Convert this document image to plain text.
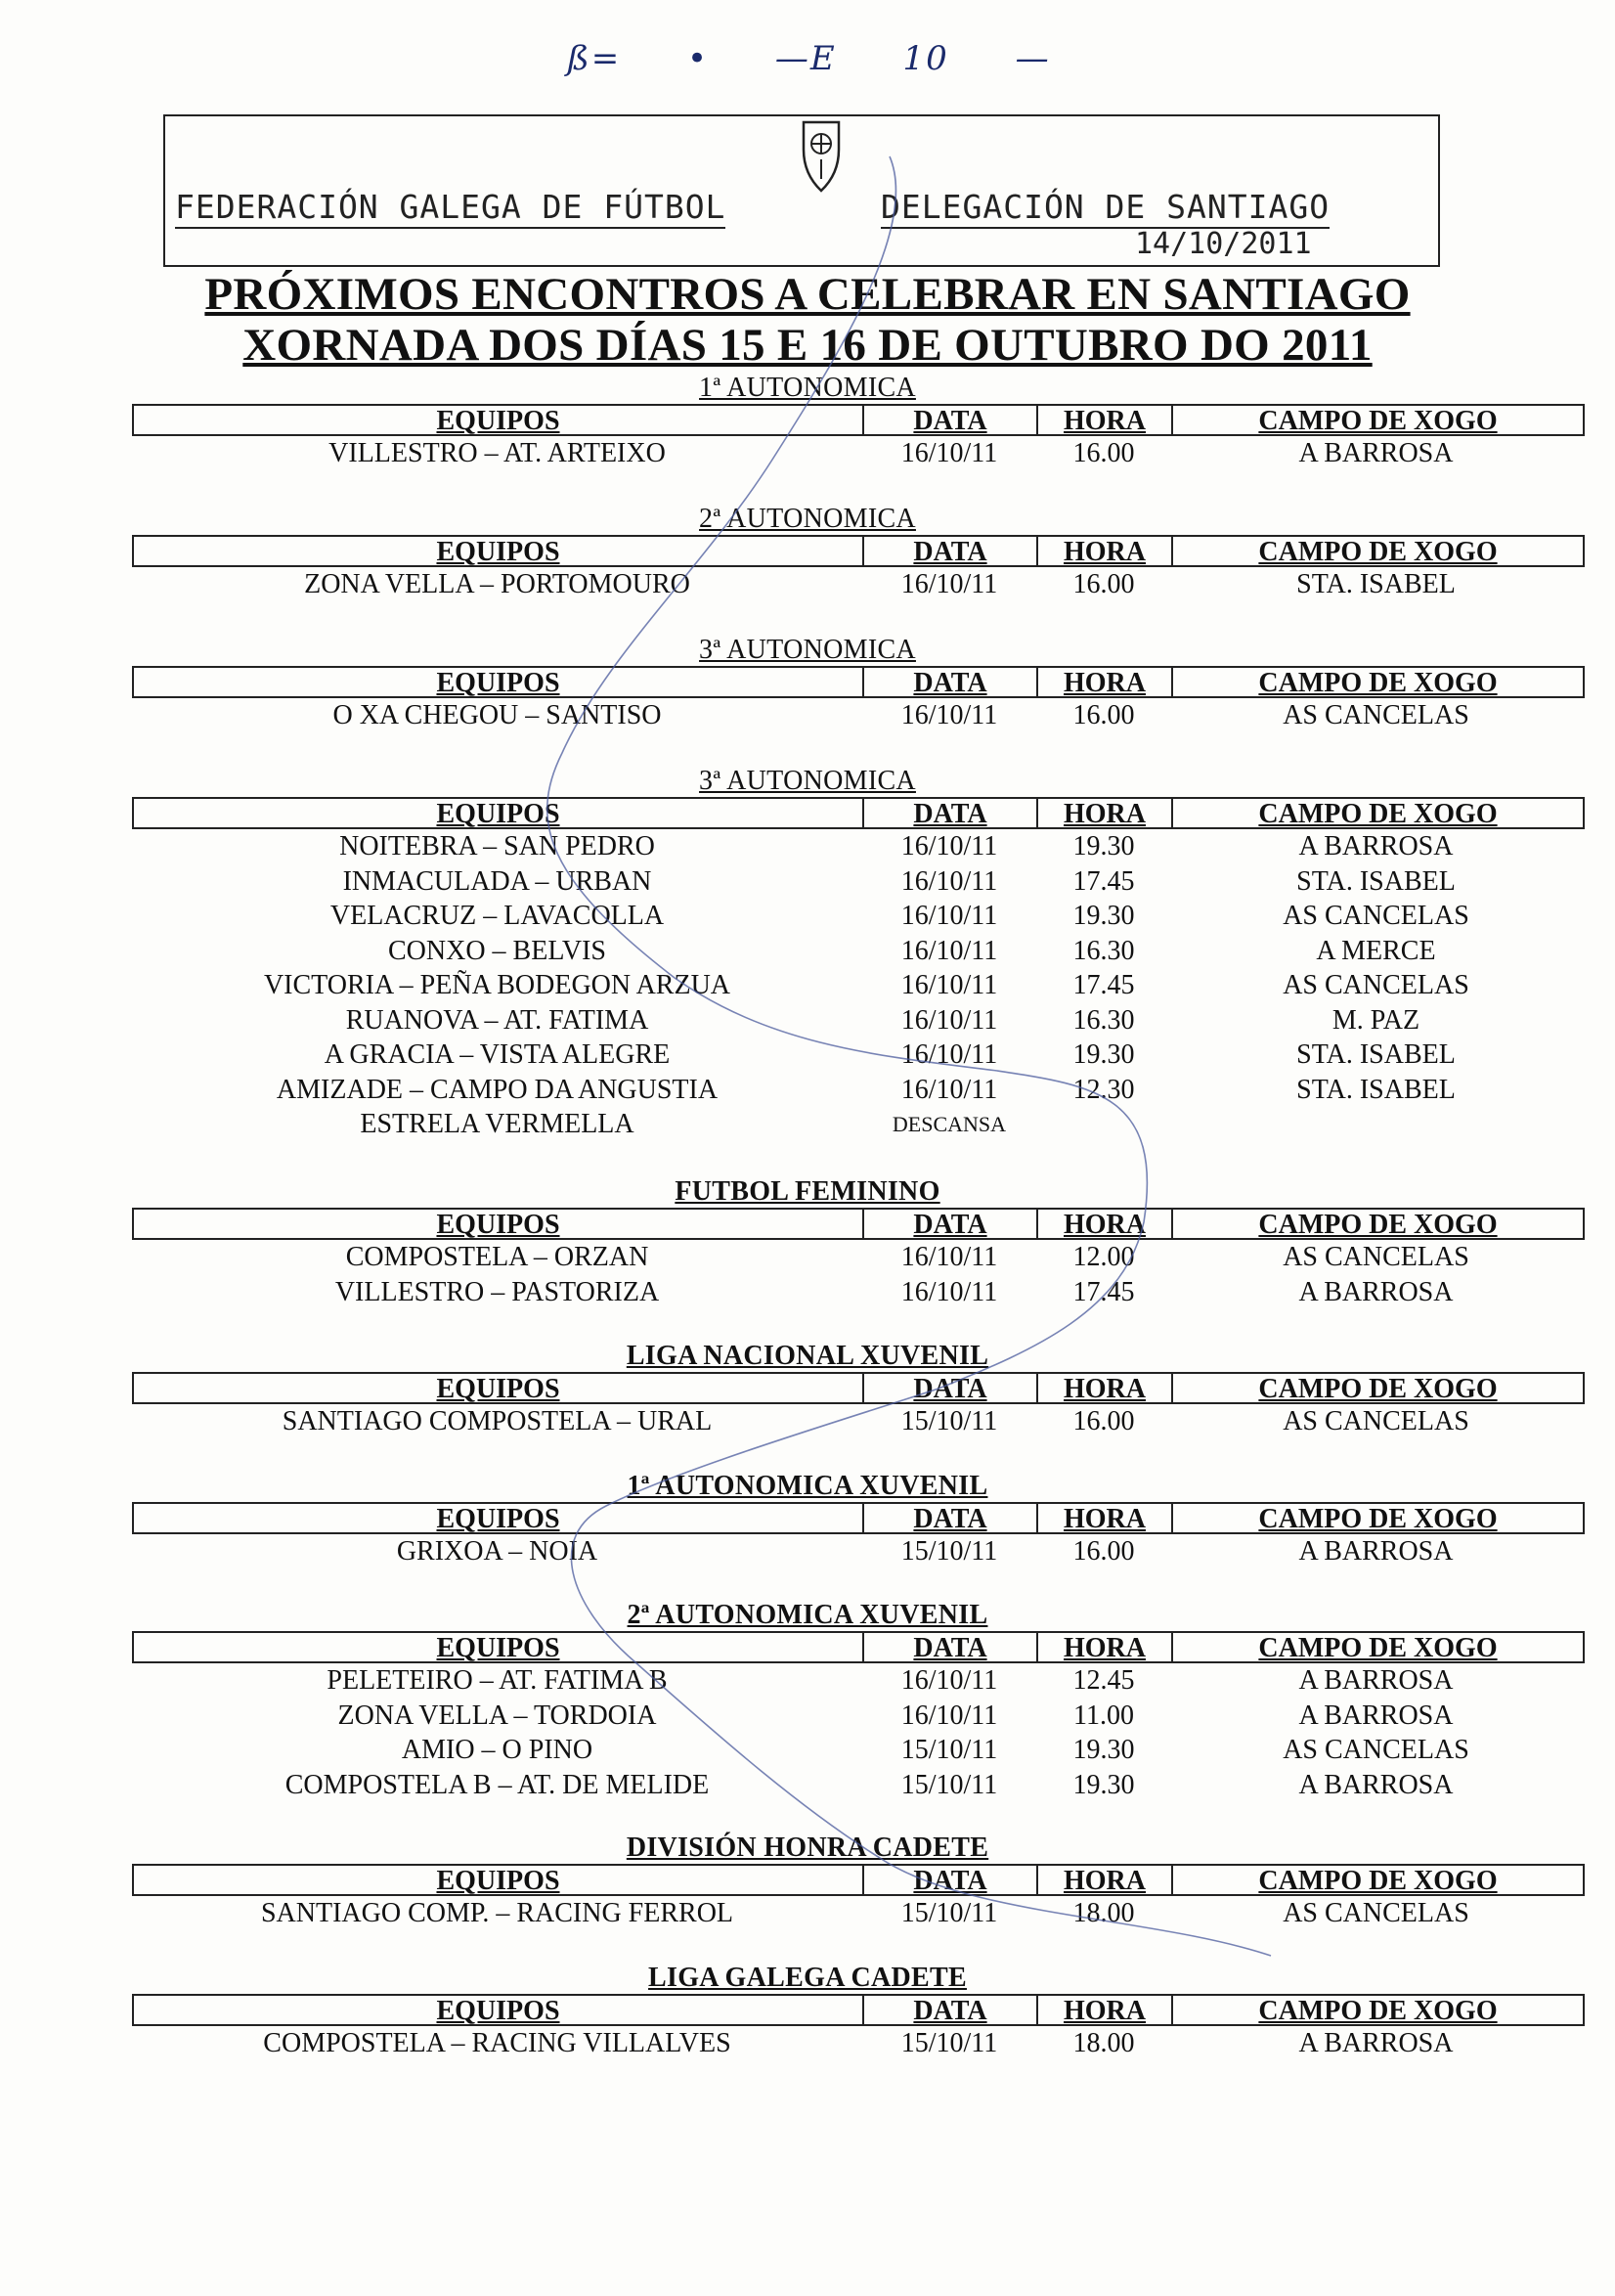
ß= • —E 10 —
FEDERACIÓN GALEGA DE FÚTBOL	DELEGACIÓN DE SANTIAGO
14/10/2011
PRÓXIMOS ENCONTROS A CELEBRAR EN SANTIAGO
XORNADA DOS DÍAS 15 E 16 DE OUTUBRO DO 2011
1ª AUTONOMICA
EQUIPOS	DATA	HORA	CAMPO DE XOGO
VILLESTRO – AT. ARTEIXO	16/10/11	16.00	A BARROSA
2ª AUTONOMICA
EQUIPOS	DATA	HORA	CAMPO DE XOGO
ZONA VELLA – PORTOMOURO	16/10/11	16.00	STA. ISABEL
3ª AUTONOMICA
EQUIPOS	DATA	HORA	CAMPO DE XOGO
O XA CHEGOU – SANTISO	16/10/11	16.00	AS CANCELAS
3ª AUTONOMICA
EQUIPOS	DATA	HORA	CAMPO DE XOGO
NOITEBRA – SAN PEDRO	16/10/11	19.30	A BARROSA
INMACULADA – URBAN	16/10/11	17.45	STA. ISABEL
VELACRUZ – LAVACOLLA	16/10/11	19.30	AS CANCELAS
CONXO – BELVIS	16/10/11	16.30	A MERCE
VICTORIA – PEÑA BODEGON ARZUA	16/10/11	17.45	AS CANCELAS
RUANOVA – AT. FATIMA	16/10/11	16.30	M. PAZ
A GRACIA – VISTA ALEGRE	16/10/11	19.30	STA. ISABEL
AMIZADE – CAMPO DA ANGUSTIA	16/10/11	12.30	STA. ISABEL
ESTRELA VERMELLA	DESCANSA
FUTBOL FEMININO
EQUIPOS	DATA	HORA	CAMPO DE XOGO
COMPOSTELA – ORZAN	16/10/11	12.00	AS CANCELAS
VILLESTRO – PASTORIZA	16/10/11	17.45	A BARROSA
LIGA NACIONAL XUVENIL
EQUIPOS	DATA	HORA	CAMPO DE XOGO
SANTIAGO COMPOSTELA – URAL	15/10/11	16.00	AS CANCELAS
1ª AUTONOMICA XUVENIL
EQUIPOS	DATA	HORA	CAMPO DE XOGO
GRIXOA – NOIA	15/10/11	16.00	A BARROSA
2ª AUTONOMICA XUVENIL
EQUIPOS	DATA	HORA	CAMPO DE XOGO
PELETEIRO – AT. FATIMA B	16/10/11	12.45	A BARROSA
ZONA VELLA – TORDOIA	16/10/11	11.00	A BARROSA
AMIO – O PINO	15/10/11	19.30	AS CANCELAS
COMPOSTELA B – AT. DE MELIDE	15/10/11	19.30	A BARROSA
DIVISIÓN HONRA CADETE
EQUIPOS	DATA	HORA	CAMPO DE XOGO
SANTIAGO COMP. – RACING FERROL	15/10/11	18.00	AS CANCELAS
LIGA GALEGA CADETE
EQUIPOS	DATA	HORA	CAMPO DE XOGO
COMPOSTELA – RACING VILLALVES	15/10/11	18.00	A BARROSA
